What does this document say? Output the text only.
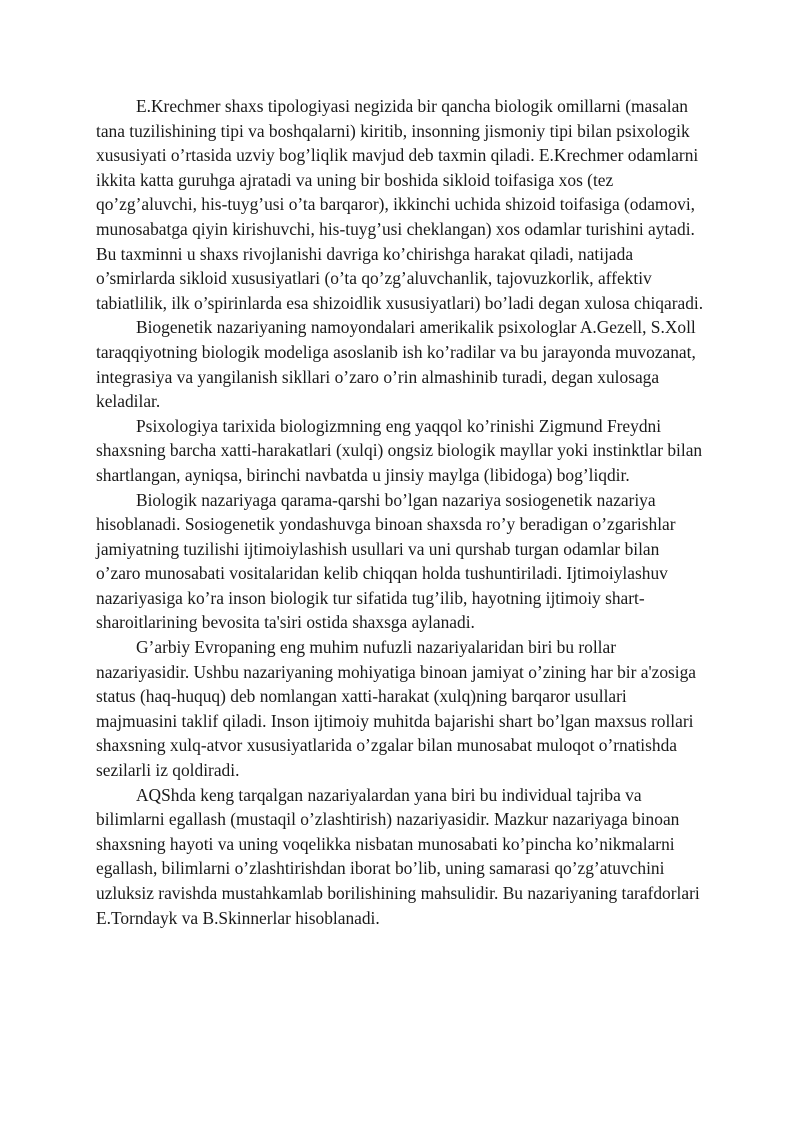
E.Krechmer shaxs tipologiyasi negizida bir qancha biologik omillarni (masalan tana tuzilishining tipi va boshqalarni) kiritib, insonning jismoniy tipi bilan psixologik xususiyati o’rtasida uzviy bog’liqlik mavjud deb taxmin qiladi. E.Krechmer odamlarni ikkita katta guruhga ajratadi va uning bir boshida sikloid toifasiga xos (tez qo’zg’aluvchi, his-tuyg’usi o’ta barqaror), ikkinchi uchida shizoid toifasiga (odamovi, munosabatga qiyin kirishuvchi, his-tuyg’usi cheklangan) xos odamlar turishini aytadi. Bu taxminni u shaxs rivojlanishi davriga ko’chirishga harakat qiladi, natijada o’smirlarda sikloid xususiyatlari (o’ta qo’zg’aluvchanlik, tajovuzkorlik, affektiv tabiatlilik, ilk o’spirinlarda esa shizoidlik xususiyatlari) bo’ladi degan xulosa chiqaradi.

Biogenetik nazariyaning namoyondalari amerikalik psixologlar A.Gezell, S.Xoll taraqqiyotning biologik modeliga asoslanib ish ko’radilar va bu jarayonda muvozanat, integrasiya va yangilanish sikllari o’zaro o’rin almashinib turadi, degan xulosaga keladilar.

Psixologiya tarixida biologizmning eng yaqqol ko’rinishi Zigmund Freydni shaxsning barcha xatti-harakatlari (xulqi) ongsiz biologik mayllar yoki instinktlar bilan shartlangan, ayniqsa, birinchi navbatda u jinsiy maylga (libidoga) bog’liqdir.

Biologik nazariyaga qarama-qarshi bo’lgan nazariya sosiogenetik nazariya hisoblanadi. Sosiogenetik yondashuvga binoan shaxsda ro’y beradigan o’zgarishlar jamiyatning tuzilishi ijtimoiylashish usullari va uni qurshab turgan odamlar bilan o’zaro munosabati vositalaridan kelib chiqqan holda tushuntiriladi. Ijtimoiylashuv nazariyasiga ko’ra inson biologik tur sifatida tug’ilib, hayotning ijtimoiy shart-sharoitlarining bevosita ta'siri ostida shaxsga aylanadi.

G’arbiy Evropaning eng muhim nufuzli nazariyalaridan biri bu rollar nazariyasidir. Ushbu nazariyaning mohiyatiga binoan jamiyat o’zining har bir a'zosiga status (haq-huquq) deb nomlangan xatti-harakat (xulq)ning barqaror usullari majmuasini taklif qiladi. Inson ijtimoiy muhitda bajarishi shart bo’lgan maxsus rollari shaxsning xulq-atvor xususiyatlarida o’zgalar bilan munosabat muloqot o’rnatishda sezilarli iz qoldiradi.

AQShda keng tarqalgan nazariyalardan yana biri bu individual tajriba va bilimlarni egallash (mustaqil o’zlashtirish) nazariyasidir. Mazkur nazariyaga binoan shaxsning hayoti va uning voqelikka nisbatan munosabati ko’pincha ko’nikmalarni egallash, bilimlarni o’zlashtirishdan iborat bo’lib, uning samarasi qo’zg’atuvchini uzluksiz ravishda mustahkamlab borilishining mahsulidir. Bu nazariyaning tarafdorlari E.Torndayk va B.Skinnerlar hisoblanadi.
